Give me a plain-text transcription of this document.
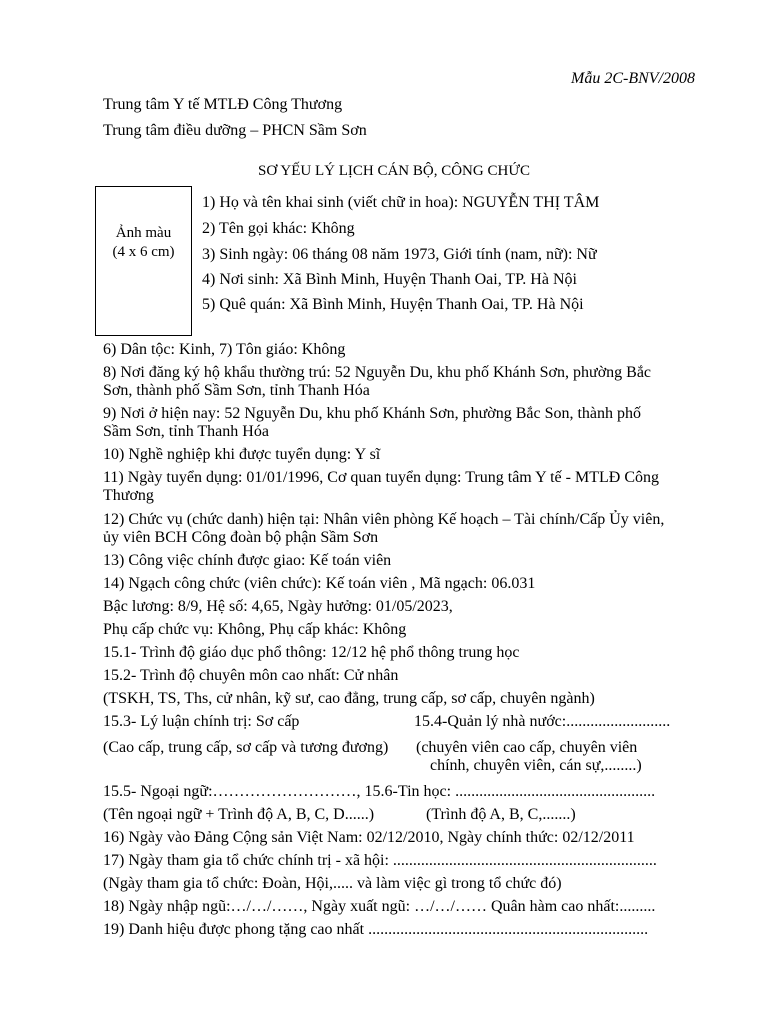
Mẫu 2C-BNV/2008
Trung tâm Y tế MTLĐ Công Thương
Trung tâm điều dưỡng – PHCN Sầm Sơn
SƠ YẾU LÝ LỊCH CÁN BỘ, CÔNG CHỨC
Ảnh màu
(4 x 6 cm)
1) Họ và tên khai sinh (viết chữ in hoa): NGUYỄN THỊ TÂM
2) Tên gọi khác: Không
3) Sinh ngày: 06 tháng 08 năm 1973, Giới tính (nam, nữ): Nữ
4) Nơi sinh: Xã Bình Minh, Huyện Thanh Oai, TP. Hà Nội
5) Quê quán: Xã Bình Minh, Huyện Thanh Oai, TP. Hà Nội
6) Dân tộc: Kinh, 7) Tôn giáo: Không
8) Nơi đăng ký hộ khẩu thường trú: 52 Nguyễn Du, khu phố Khánh Sơn, phường Bắc
Sơn, thành phố Sầm Sơn, tỉnh Thanh Hóa
9) Nơi ở hiện nay: 52 Nguyễn Du, khu phố Khánh Sơn, phường Bắc Son, thành phố
Sầm Sơn, tỉnh Thanh Hóa
10) Nghề nghiệp khi được tuyển dụng: Y sĩ
11) Ngày tuyển dụng: 01/01/1996, Cơ quan tuyển dụng: Trung tâm Y tế - MTLĐ Công
Thương
12) Chức vụ (chức danh) hiện tại: Nhân viên phòng Kế hoạch – Tài chính/Cấp Ủy viên,
ủy viên BCH Công đoàn bộ phận Sầm Sơn
13) Công việc chính được giao: Kế toán viên
14) Ngạch công chức (viên chức): Kế toán viên , Mã ngạch: 06.031
Bậc lương: 8/9, Hệ số: 4,65, Ngày hưởng: 01/05/2023,
Phụ cấp chức vụ: Không, Phụ cấp khác: Không
15.1- Trình độ giáo dục phổ thông: 12/12 hệ phổ thông trung học
15.2- Trình độ chuyên môn cao nhất: Cử nhân
(TSKH, TS, Ths, cử nhân, kỹ sư, cao đẳng, trung cấp, sơ cấp, chuyên ngành)
15.3- Lý luận chính trị: Sơ cấp	15.4-Quản lý nhà nước:..........................
(Cao cấp, trung cấp, sơ cấp và tương đương) (chuyên viên cao cấp, chuyên viên
chính, chuyên viên, cán sự,........)
15.5- Ngoại ngữ:………………………, 15.6-Tin học: ..................................................
(Tên ngoại ngữ + Trình độ A, B, C, D......)	(Trình độ A, B, C,.......)
16) Ngày vào Đảng Cộng sản Việt Nam: 02/12/2010, Ngày chính thức: 02/12/2011
17) Ngày tham gia tổ chức chính trị - xã hội: ..................................................................
(Ngày tham gia tổ chức: Đoàn, Hội,..... và làm việc gì trong tổ chức đó)
18) Ngày nhập ngũ:…/…/……, Ngày xuất ngũ: …/…/…… Quân hàm cao nhất:.........
19) Danh hiệu được phong tặng cao nhất ......................................................................
